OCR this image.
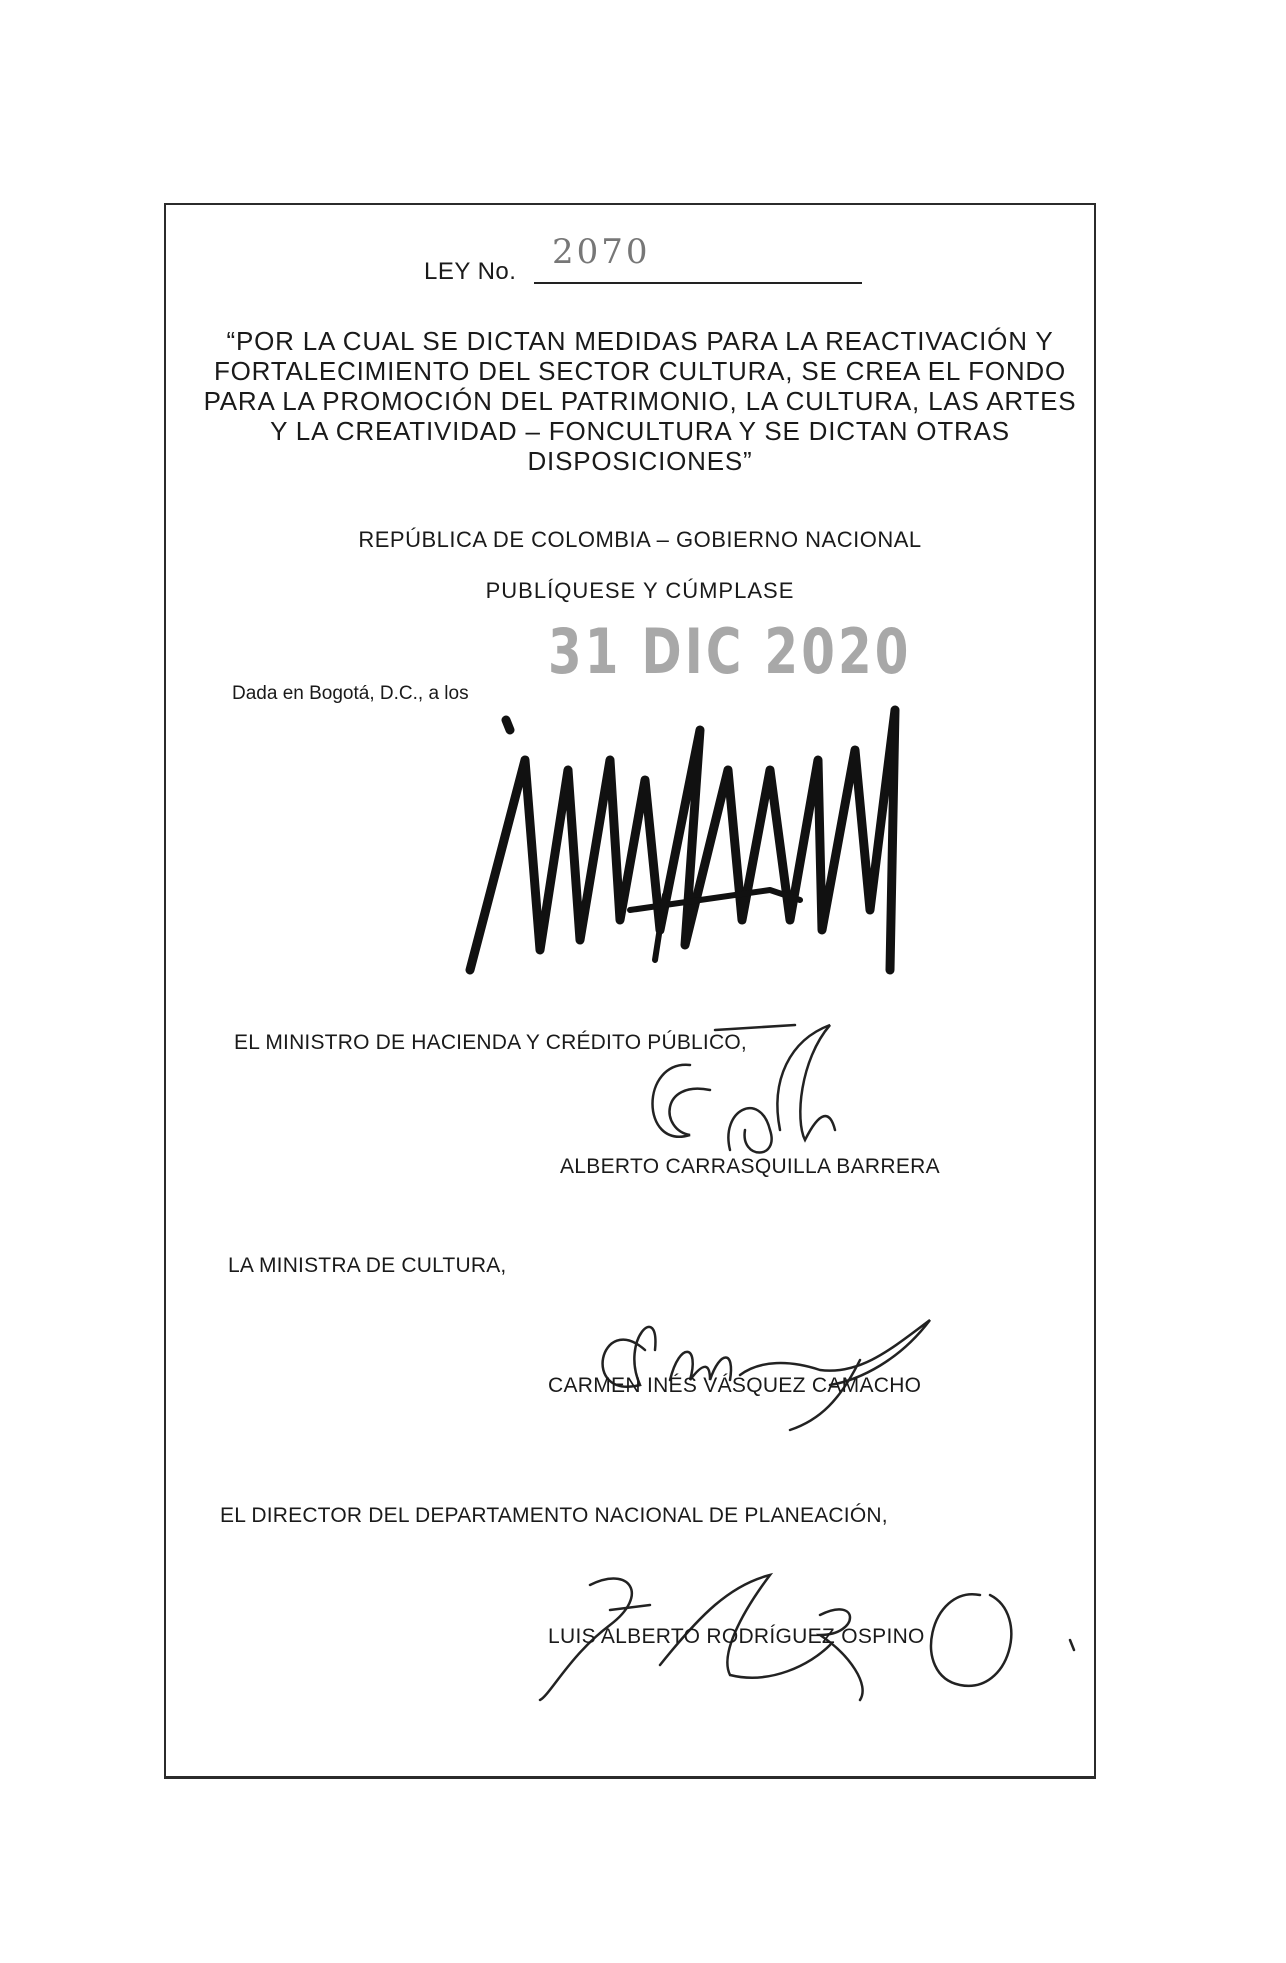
LEY No. 2070
“POR LA CUAL SE DICTAN MEDIDAS PARA LA REACTIVACIÓN Y
FORTALECIMIENTO DEL SECTOR CULTURA, SE CREA EL FONDO
PARA LA PROMOCIÓN DEL PATRIMONIO, LA CULTURA, LAS ARTES
Y LA CREATIVIDAD – FONCULTURA Y SE DICTAN OTRAS
DISPOSICIONES”
REPÚBLICA DE COLOMBIA – GOBIERNO NACIONAL
PUBLÍQUESE Y CÚMPLASE
Dada en Bogotá, D.C., a los
31 DIC 2020
EL MINISTRO DE HACIENDA Y CRÉDITO PÚBLICO,
ALBERTO CARRASQUILLA BARRERA
LA MINISTRA DE CULTURA,
CARMEN INÉS VÁSQUEZ CAMACHO
EL DIRECTOR DEL DEPARTAMENTO NACIONAL DE PLANEACIÓN,
LUIS ALBERTO RODRÍGUEZ OSPINO
